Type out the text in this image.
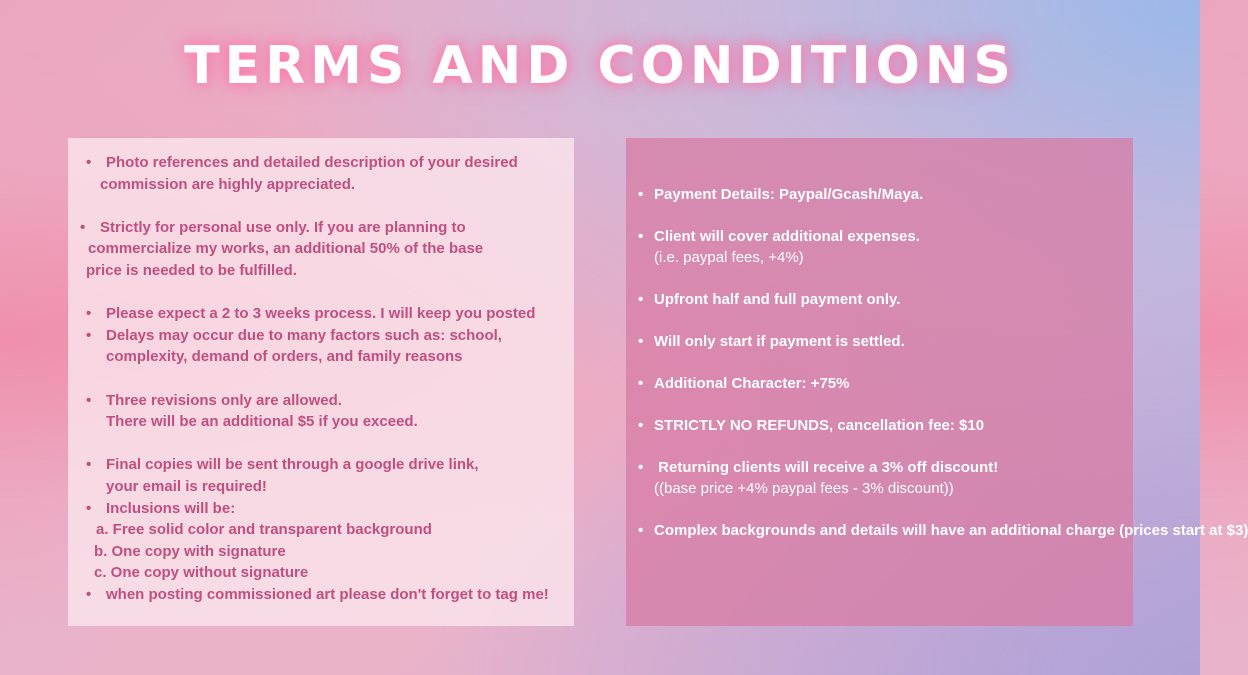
TERMS AND CONDITIONS
• Photo references and detailed description of your desired
commission are highly appreciated.
• Strictly for personal use only. If you are planning to
commercialize my works, an additional 50% of the base
price is needed to be fulfilled.
• Please expect a 2 to 3 weeks process. I will keep you posted
• Delays may occur due to many factors such as: school,
complexity, demand of orders, and family reasons
• Three revisions only are allowed.
There will be an additional $5 if you exceed.
• Final copies will be sent through a google drive link,
your email is required!
• Inclusions will be:
a. Free solid color and transparent background
b. One copy with signature
c. One copy without signature
• when posting commissioned art please don't forget to tag me!
• Payment Details: Paypal/Gcash/Maya.
• Client will cover additional expenses.
(i.e. paypal fees, +4%)
• Upfront half and full payment only.
• Will only start if payment is settled.
• Additional Character: +75%
• STRICTLY NO REFUNDS, cancellation fee: $10
• Returning clients will receive a 3% off discount!
((base price +4% paypal fees - 3% discount))
• Complex backgrounds and details will have an additional charge (prices start at $3)
